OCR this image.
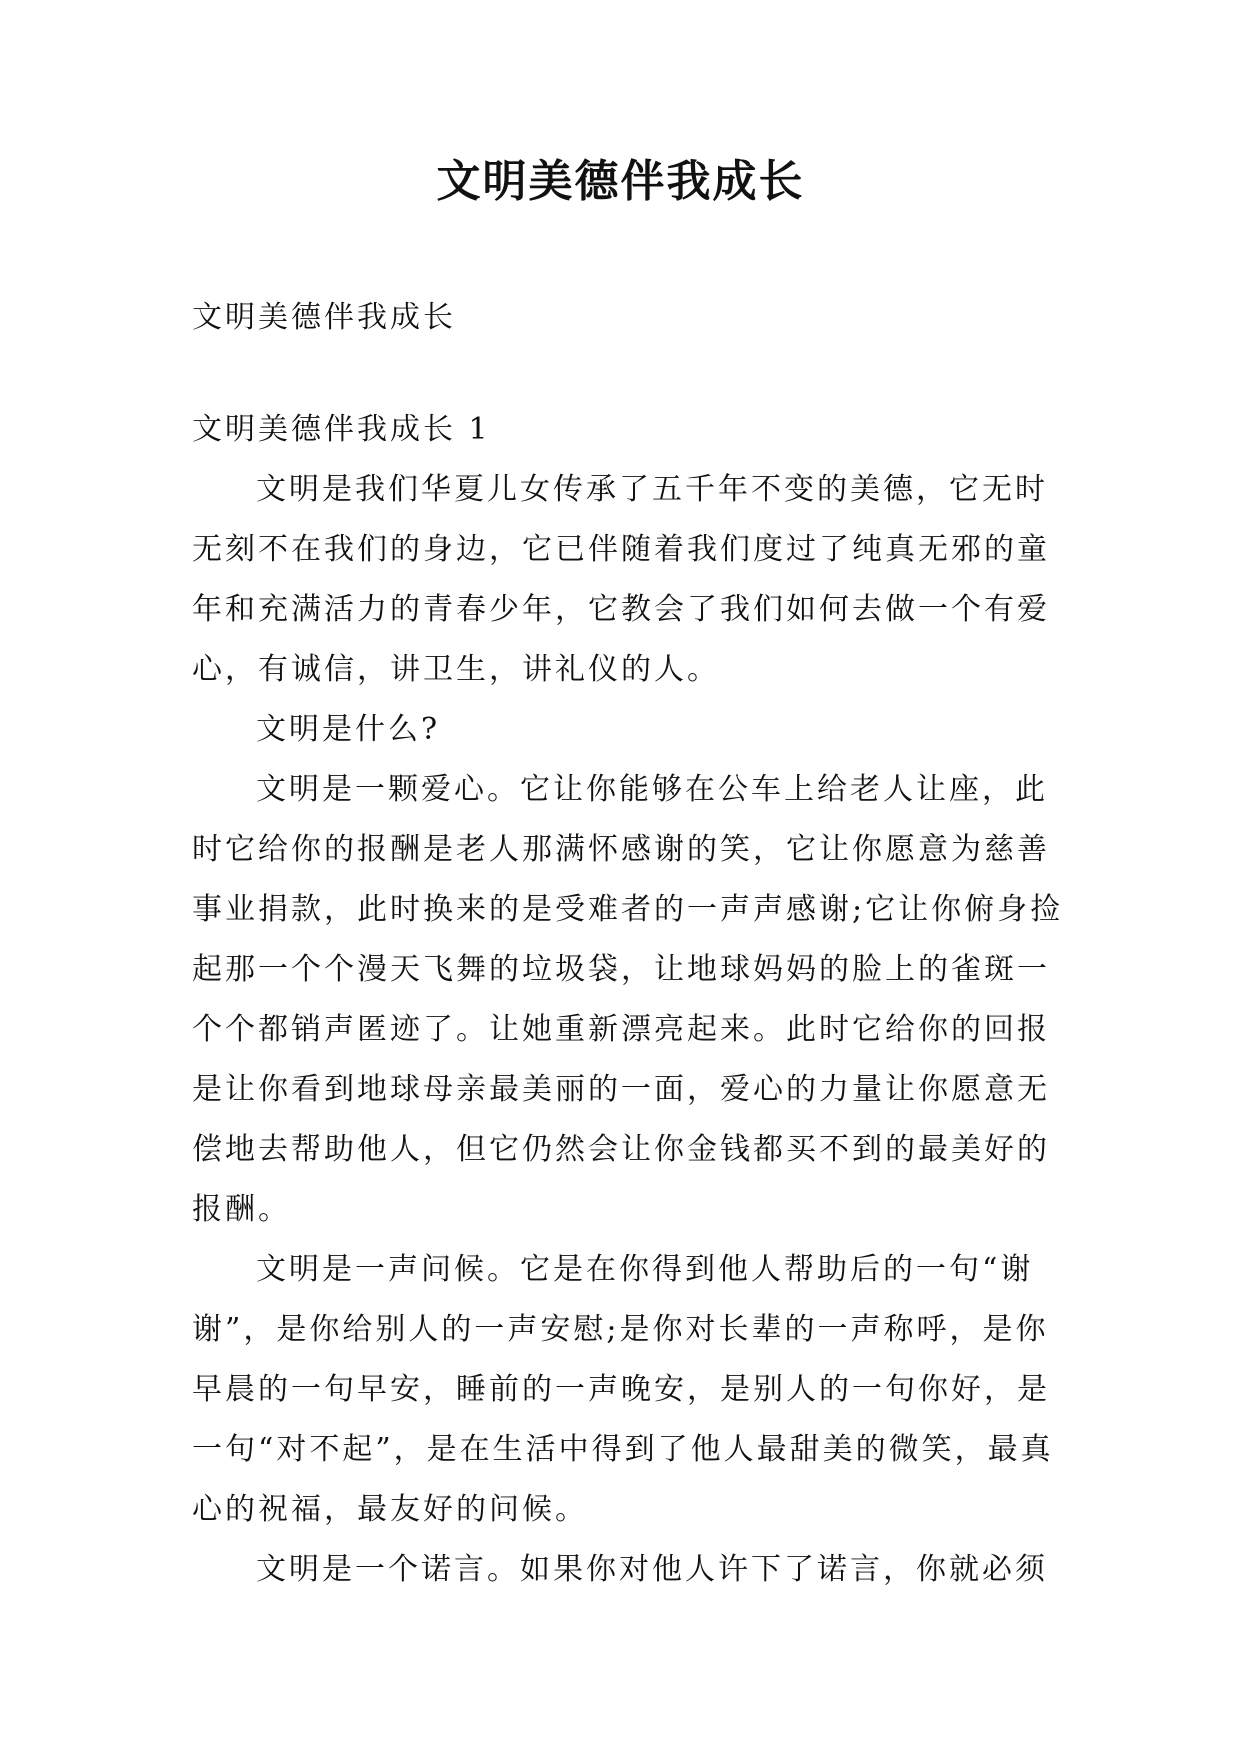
文明美德伴我成长

文明美德伴我成长

文明美德伴我成长 1

文明是我们华夏儿女传承了五千年不变的美德，它无时无刻不在我们的身边，它已伴随着我们度过了纯真无邪的童年和充满活力的青春少年，它教会了我们如何去做一个有爱心，有诚信，讲卫生，讲礼仪的人。

文明是什么?

文明是一颗爱心。它让你能够在公车上给老人让座，此时它给你的报酬是老人那满怀感谢的笑，它让你愿意为慈善事业捐款，此时换来的是受难者的一声声感谢;它让你俯身捡起那一个个漫天飞舞的垃圾袋，让地球妈妈的脸上的雀斑一个个都销声匿迹了。让她重新漂亮起来。此时它给你的回报是让你看到地球母亲最美丽的一面，爱心的力量让你愿意无偿地去帮助他人，但它仍然会让你金钱都买不到的最美好的报酬。

文明是一声问候。它是在你得到他人帮助后的一句“谢谢”，是你给别人的一声安慰;是你对长辈的一声称呼，是你早晨的一句早安，睡前的一声晚安，是别人的一句你好，是一句“对不起”，是在生活中得到了他人最甜美的微笑，最真心的祝福，最友好的问候。

文明是一个诺言。如果你对他人许下了诺言，你就必须
